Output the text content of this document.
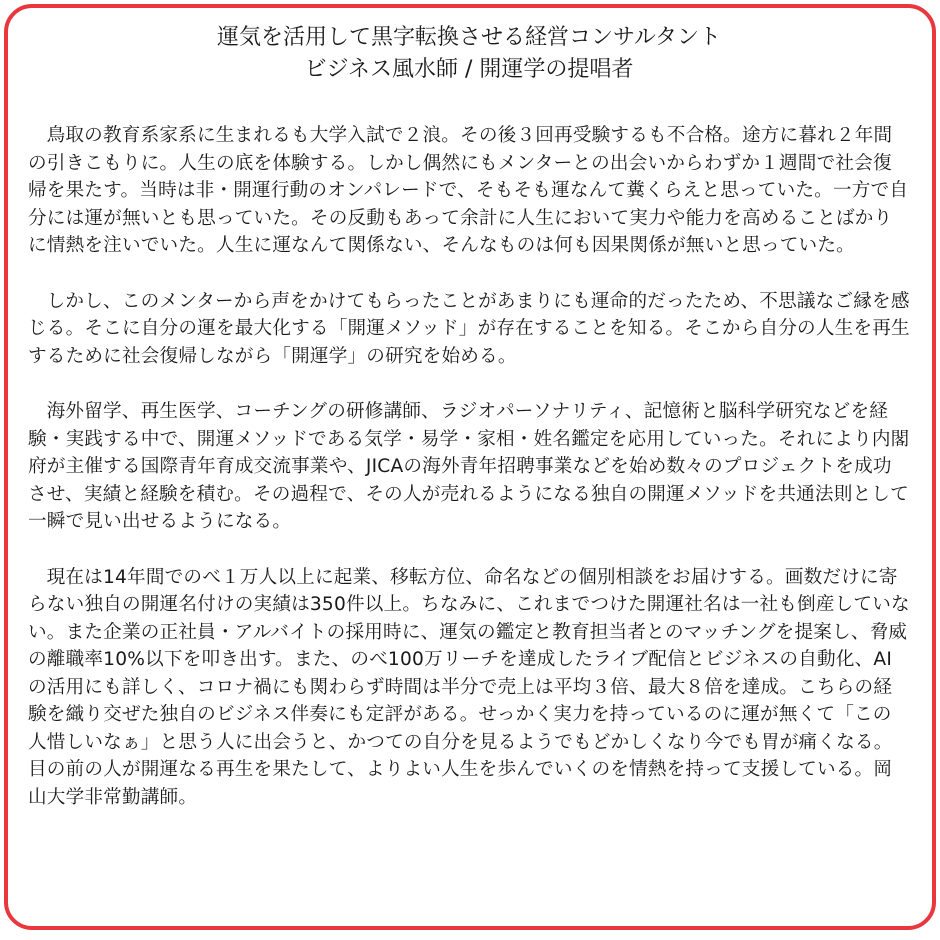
運気を活用して黒字転換させる経営コンサルタント
ビジネス風水師 / 開運学の提唱者

鳥取の教育系家系に生まれるも大学入試で２浪。その後３回再受験するも不合格。途方に暮れ２年間の引きこもりに。人生の底を体験する。しかし偶然にもメンターとの出会いからわずか１週間で社会復帰を果たす。当時は非・開運行動のオンパレードで、そもそも運なんて糞くらえと思っていた。一方で自分には運が無いとも思っていた。その反動もあって余計に人生において実力や能力を高めることばかりに情熱を注いでいた。人生に運なんて関係ない、そんなものは何も因果関係が無いと思っていた。

しかし、このメンターから声をかけてもらったことがあまりにも運命的だったため、不思議なご縁を感じる。そこに自分の運を最大化する「開運メソッド」が存在することを知る。そこから自分の人生を再生するために社会復帰しながら「開運学」の研究を始める。

海外留学、再生医学、コーチングの研修講師、ラジオパーソナリティ、記憶術と脳科学研究などを経験・実践する中で、開運メソッドである気学・易学・家相・姓名鑑定を応用していった。それにより内閣府が主催する国際青年育成交流事業や、JICAの海外青年招聘事業などを始め数々のプロジェクトを成功させ、実績と経験を積む。その過程で、その人が売れるようになる独自の開運メソッドを共通法則として一瞬で見い出せるようになる。

現在は14年間でのべ１万人以上に起業、移転方位、命名などの個別相談をお届けする。画数だけに寄らない独自の開運名付けの実績は350件以上。ちなみに、これまでつけた開運社名は一社も倒産していない。また企業の正社員・アルバイトの採用時に、運気の鑑定と教育担当者とのマッチングを提案し、脅威の離職率10%以下を叩き出す。また、のべ100万リーチを達成したライブ配信とビジネスの自動化、AIの活用にも詳しく、コロナ禍にも関わらず時間は半分で売上は平均３倍、最大８倍を達成。こちらの経験を織り交ぜた独自のビジネス伴奏にも定評がある。せっかく実力を持っているのに運が無くて「この人惜しいなぁ」と思う人に出会うと、かつての自分を見るようでもどかしくなり今でも胃が痛くなる。目の前の人が開運なる再生を果たして、よりよい人生を歩んでいくのを情熱を持って支援している。岡山大学非常勤講師。
